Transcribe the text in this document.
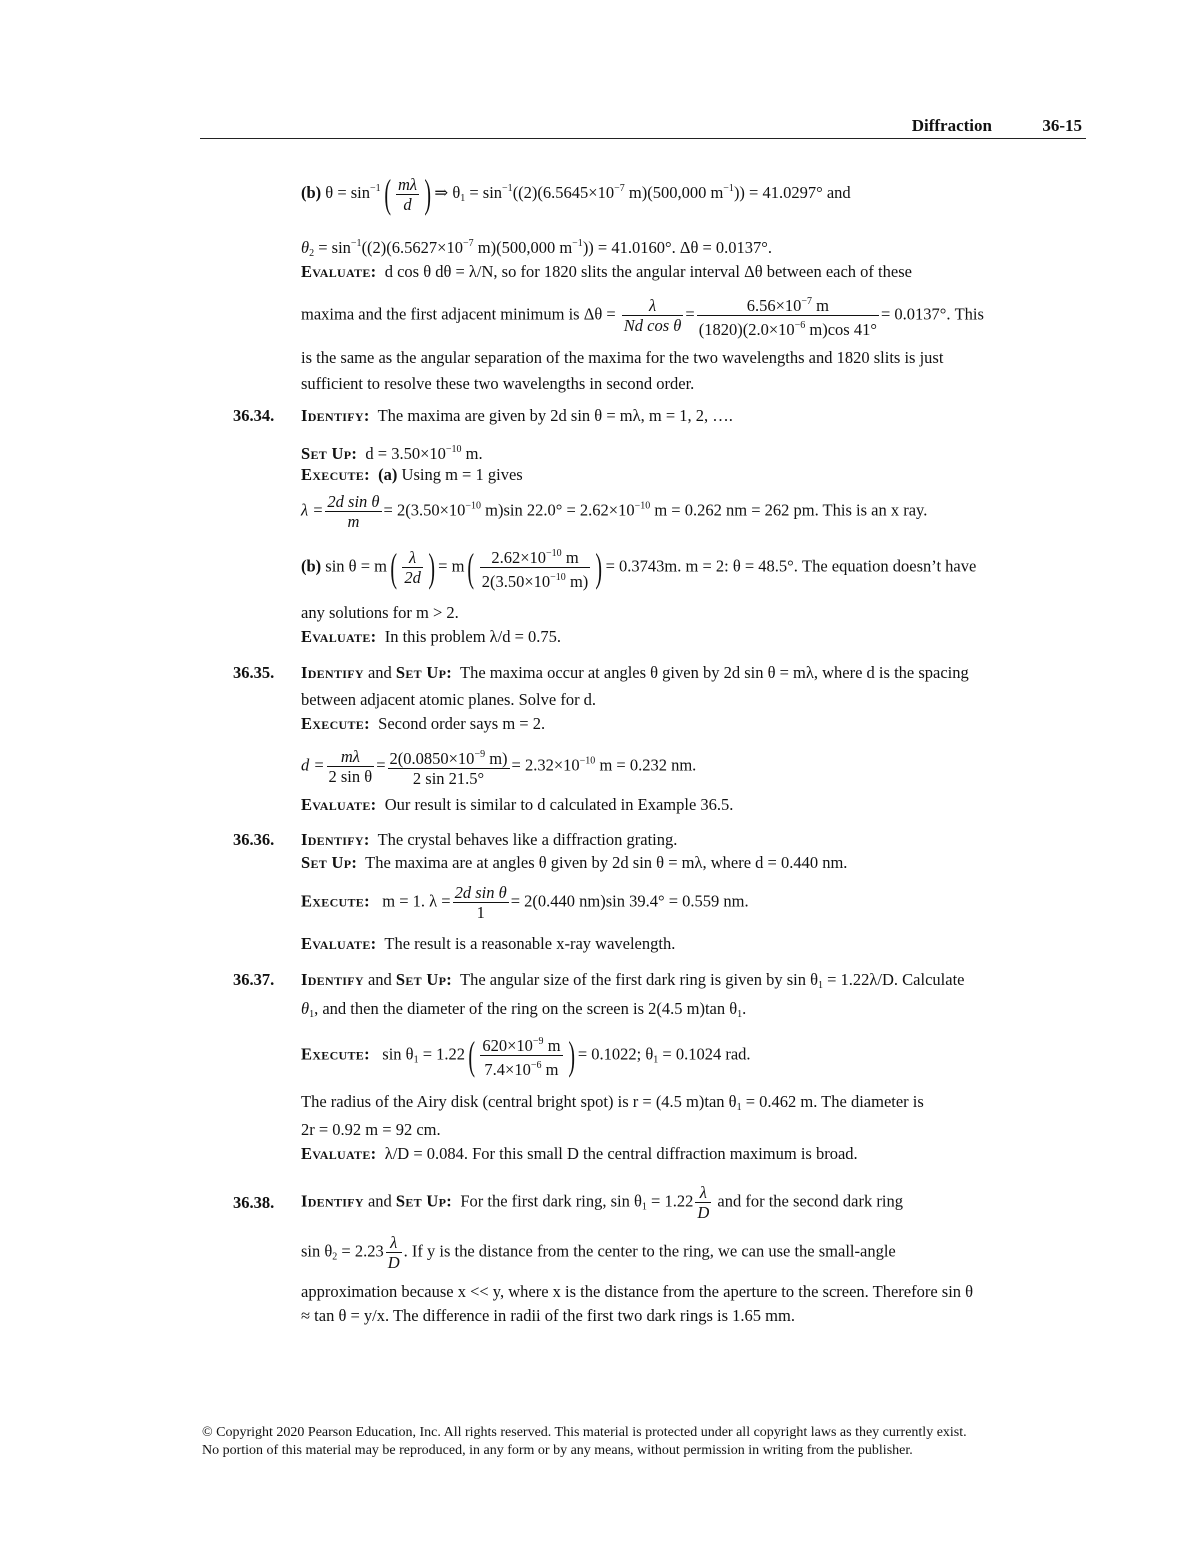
Diffraction	36-15
(b) $\theta = \sin^{-1}( \frac{m\lambda}{d}$ ) ⇒ $\theta_1 = \sin^{-1}((2)(6.5645\times 10^{-7}$ m)(500,000 $m^{-1})) = 41.0297^\circ$ and
$\theta_2 = \sin^{-1}((2)(6.5627\times 10^{-7}$ m)(500,000 $m^{-1})) = 41.0160^\circ$. Δθ = 0.0137°.
Evaluate: d cos θ dθ = λ/N, so for 1820 slits the angular interval Δθ between each of these
maxima and the first adjacent minimum is $\Delta\theta = \frac{\lambda}{\text{Nd cos θ}} = \frac{6.56\times 10^{-7} m}{(1820)(2.0\times 10^{-6} m)\cos 41^\circ} = 0.0137^\circ$. This
is the same as the angular separation of the maxima for the two wavelengths and 1820 slits is just
sufficient to resolve these two wavelengths in second order.
36.34. Identify: The maxima are given by 2d sin θ = mλ, m = 1, 2, ….
Set Up: $d = 3.50\times 10^{-10}$ m.
Execute: (a) Using m = 1 gives
$\lambda = \frac{\text{2d sin θ}}{m} = 2(3.50\times 10^{-10}$ m)sin $22.0^\circ = 2.62\times 10^{-10}$ m = 0.262 nm = 262 pm. This is an x ray.
(b) $\sin \theta = m( \frac{\lambda}{2d}$ ) = $m( \frac{2.62\times 10^{-10} m}{2(3.50\times 10^{-10} m)}$ ) = 0.3743m. m = 2: θ = 48.5°. The equation doesn’t have
any solutions for m > 2.
Evaluate: In this problem λ/d = 0.75.
36.35. Identify and Set Up: The maxima occur at angles θ given by 2d sin θ = mλ, where d is the spacing
between adjacent atomic planes. Solve for d.
Execute: Second order says m = 2.
$d = \frac{m\lambda}{\text{2 sin θ}} = \frac{2(0.0850\times 10^{-9} m)}{2 \sin 21.5^\circ} = 2.32\times 10^{-10}$ m = 0.232 nm.
Evaluate: Our result is similar to d calculated in Example 36.5.
36.36. Identify: The crystal behaves like a diffraction grating.
Set Up: The maxima are at angles θ given by 2d sin θ = mλ, where d = 0.440 nm.
Execute: m = 1. $\lambda = \frac{\text{2d sin θ}}{1} = 2(0.440$ nm)sin 39.4° = 0.559 nm.
Evaluate: The result is a reasonable x-ray wavelength.
36.37. Identify and Set Up: The angular size of the first dark ring is given by $\sin \theta_1 = 1.22\lambda/D$. Calculate
$\theta_1$, and then the diameter of the ring on the screen is 2(4.5 m)tan $\theta_1$.
Execute: $\sin \theta_1 = 1.22( \frac{620\times 10^{-9} m}{7.4\times 10^{-6} m}$ ) = 0.1022; $\theta_1 = 0.1024$ rad.
The radius of the Airy disk (central bright spot) is r = (4.5 m)tan $\theta_1 = 0.462$ m. The diameter is
2r = 0.92 m = 92 cm.
Evaluate: λ/D = 0.084. For this small D the central diffraction maximum is broad.
36.38. Identify and Set Up: For the first dark ring, $\sin \theta_1 = 1.22 \frac{\lambda}{D}$ and for the second dark ring
$\sin \theta_2 = 2.23 \frac{\lambda}{D}$ . If y is the distance from the center to the ring, we can use the small-angle
approximation because x << y, where x is the distance from the aperture to the screen. Therefore sin θ
≈ tan θ = y/x. The difference in radii of the first two dark rings is 1.65 mm.
© Copyright 2020 Pearson Education, Inc. All rights reserved. This material is protected under all copyright laws as they currently exist.
No portion of this material may be reproduced, in any form or by any means, without permission in writing from the publisher.
